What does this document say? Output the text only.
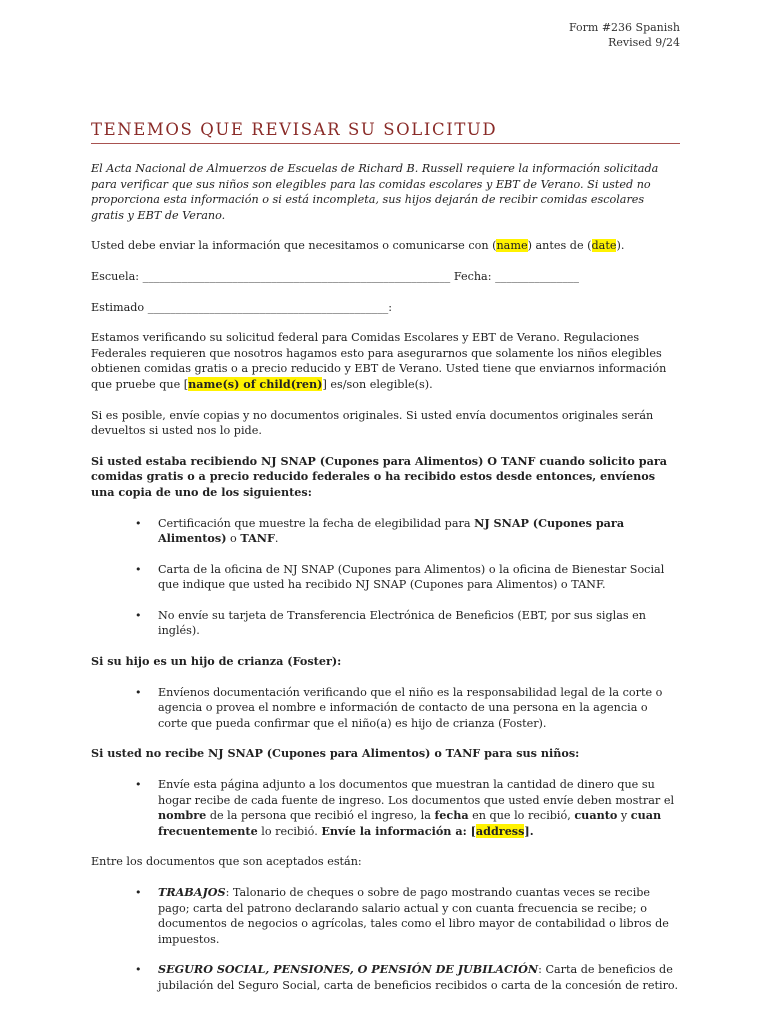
Form #236 Spanish
Revised 9/24
TENEMOS QUE REVISAR SU SOLICITUD

El Acta Nacional de Almuerzos de Escuelas de Richard B. Russell requiere la información solicitada para verificar que sus niños son elegibles para las comidas escolares y EBT de Verano. Si usted no proporciona esta información o si está incompleta, sus hijos dejarán de recibir comidas escolares gratis y EBT de Verano.

Usted debe enviar la información que necesitamos o comunicarse con (name) antes de (date).

Escuela: _______________________________________________________ Fecha: _______________

Estimado ___________________________________________:

Estamos verificando su solicitud federal para Comidas Escolares y EBT de Verano. Regulaciones Federales requieren que nosotros hagamos esto para asegurarnos que solamente los niños elegibles obtienen comidas gratis o a precio reducido y EBT de Verano. Usted tiene que enviarnos información que pruebe que [name(s) of child(ren)] es/son elegible(s).

Si es posible, envíe copias y no documentos originales. Si usted envía documentos originales serán devueltos si usted nos lo pide.

Si usted estaba recibiendo NJ SNAP (Cupones para Alimentos) O TANF cuando solicito para comidas gratis o a precio reducido federales o ha recibido estos desde entonces, envíenos una copia de uno de los siguientes:

• Certificación que muestre la fecha de elegibilidad para NJ SNAP (Cupones para Alimentos) o TANF.
• Carta de la oficina de NJ SNAP (Cupones para Alimentos) o la oficina de Bienestar Social que indique que usted ha recibido NJ SNAP (Cupones para Alimentos) o TANF.
• No envíe su tarjeta de Transferencia Electrónica de Beneficios (EBT, por sus siglas en inglés).

Si su hijo es un hijo de crianza (Foster):

• Envíenos documentación verificando que el niño es la responsabilidad legal de la corte o agencia o provea el nombre e información de contacto de una persona en la agencia o corte que pueda confirmar que el niño(a) es hijo de crianza (Foster).

Si usted no recibe NJ SNAP (Cupones para Alimentos) o TANF para sus niños:

• Envíe esta página adjunto a los documentos que muestran la cantidad de dinero que su hogar recibe de cada fuente de ingreso. Los documentos que usted envíe deben mostrar el nombre de la persona que recibió el ingreso, la fecha en que lo recibió, cuanto y cuan frecuentemente lo recibió. Envíe la información a: [address].

Entre los documentos que son aceptados están:

• TRABAJOS: Talonario de cheques o sobre de pago mostrando cuantas veces se recibe pago; carta del patrono declarando salario actual y con cuanta frecuencia se recibe; o documentos de negocios o agrícolas, tales como el libro mayor de contabilidad o libros de impuestos.
• SEGURO SOCIAL, PENSIONES, O PENSIÓN DE JUBILACIÓN: Carta de beneficios de jubilación del Seguro Social, carta de beneficios recibidos o carta de la concesión de retiro.
